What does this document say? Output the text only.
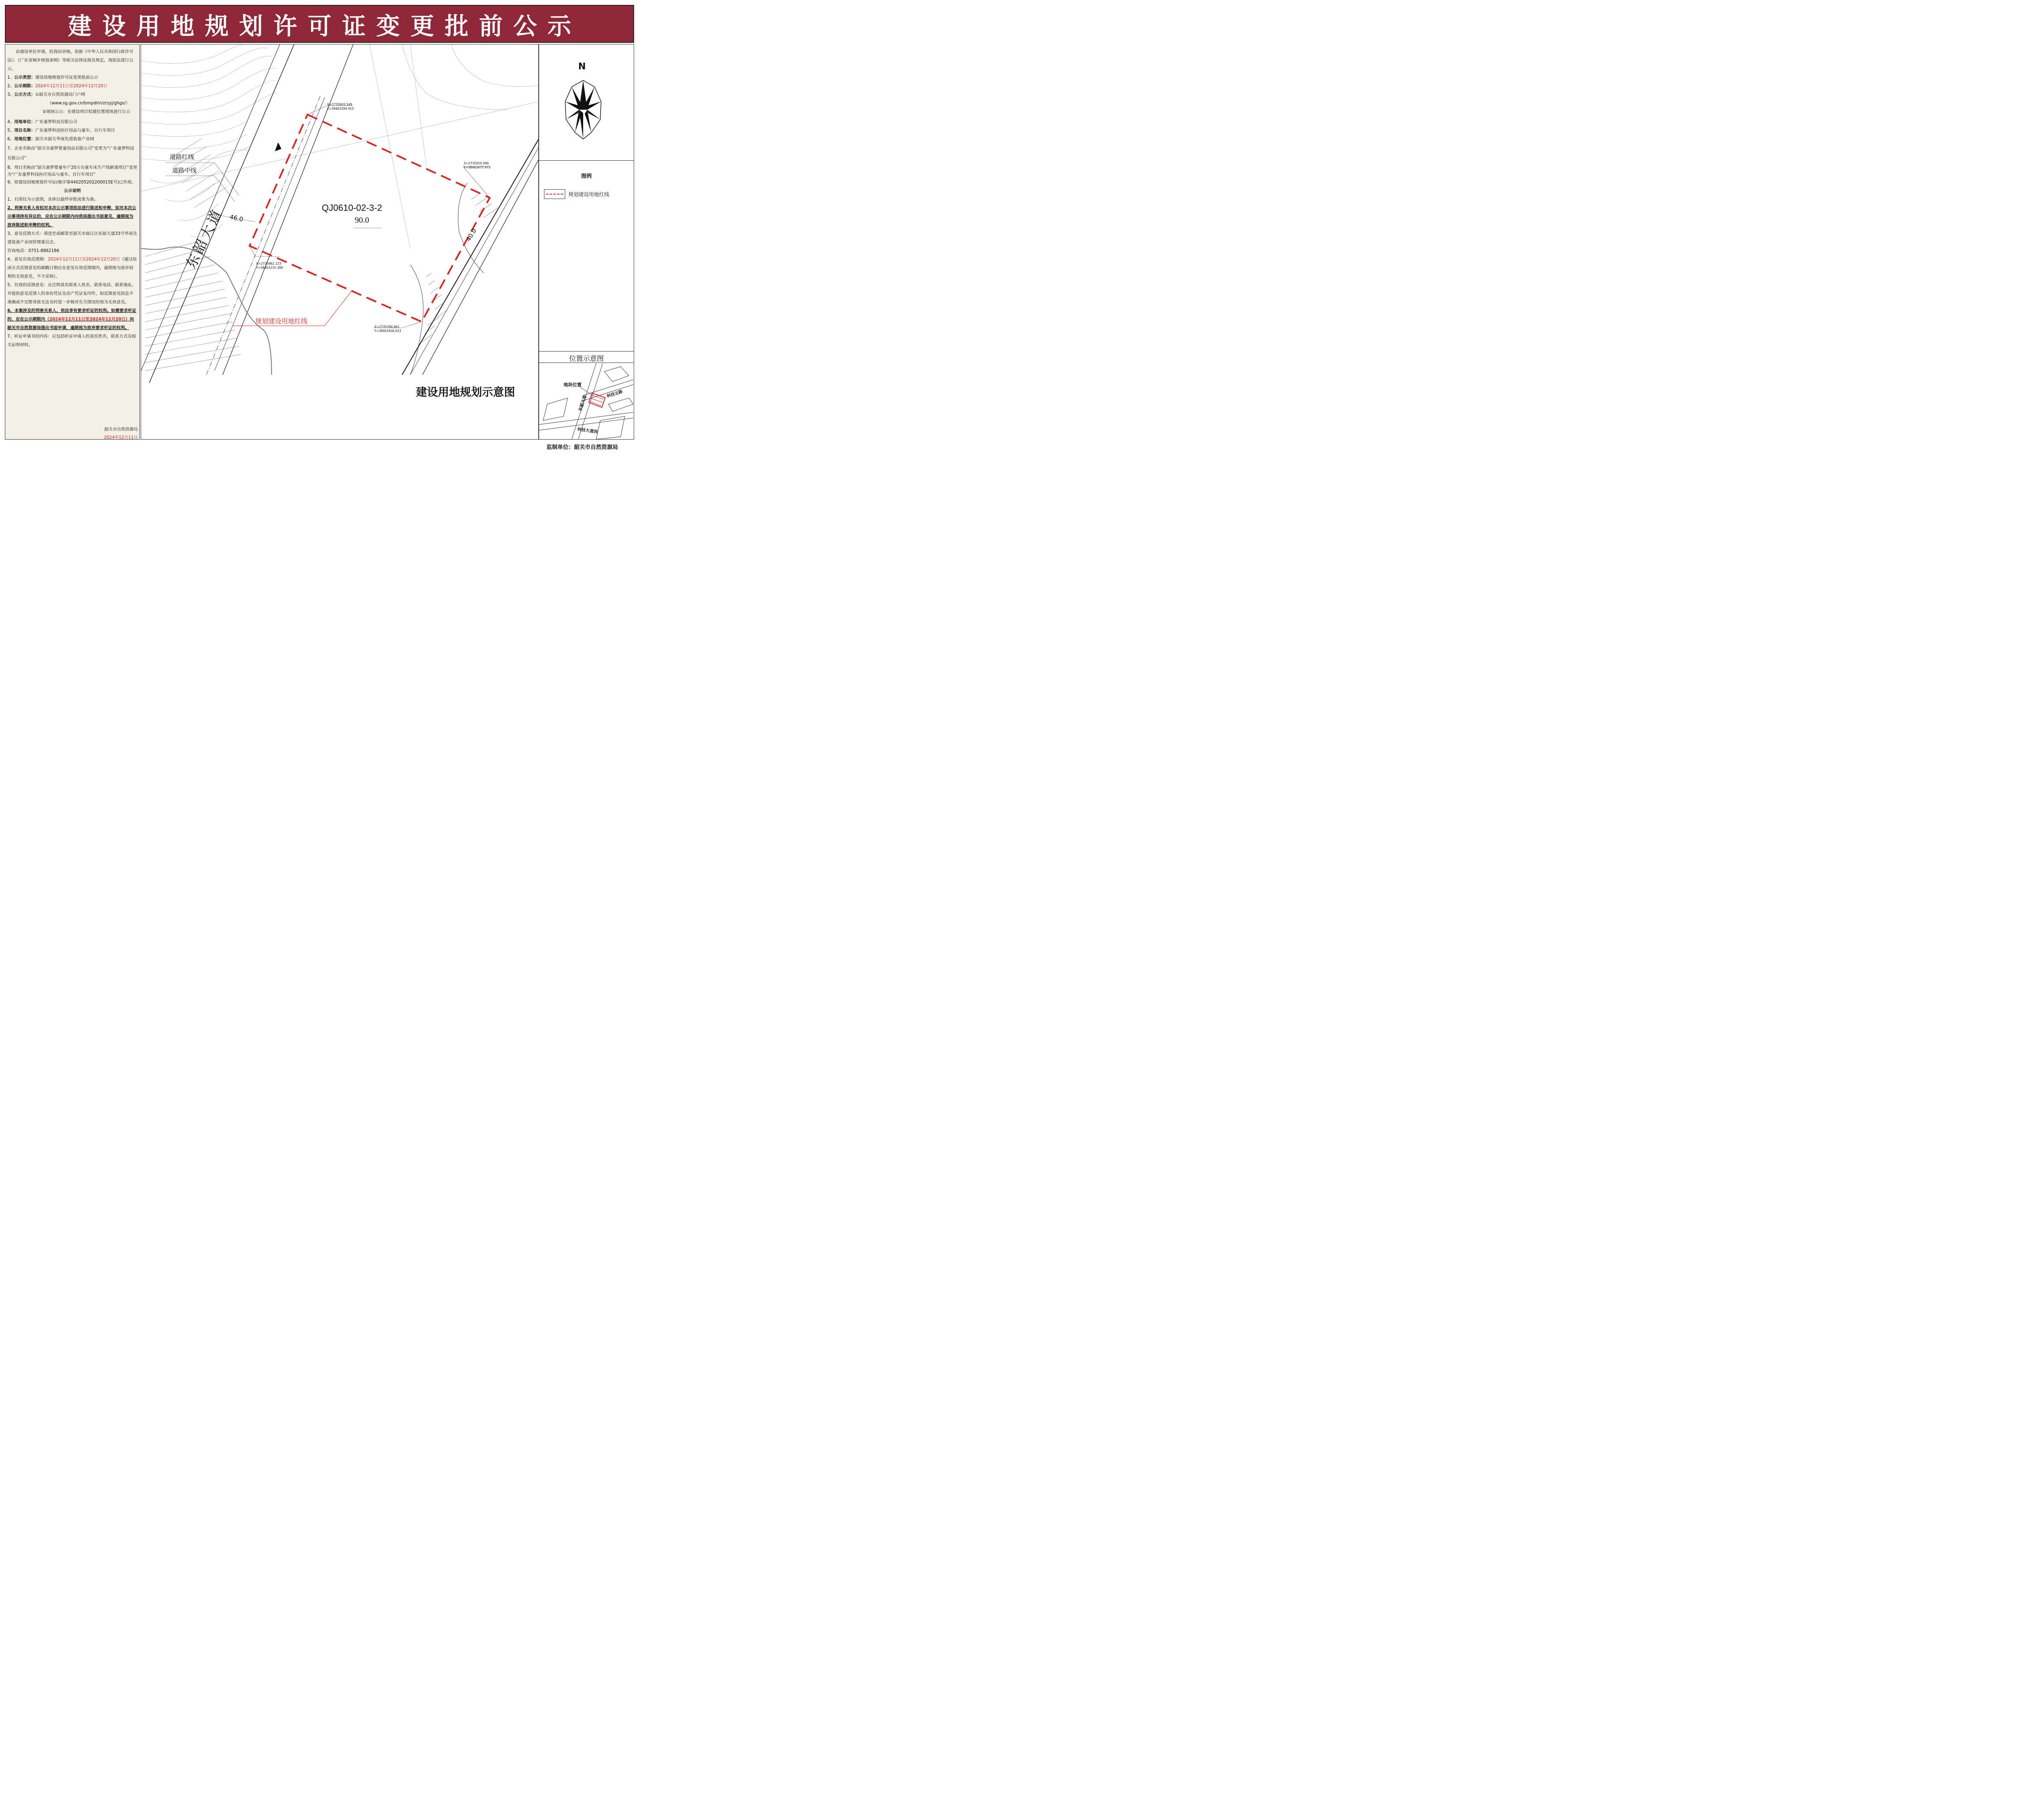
建设用地规划许可证变更批前公示

由建设单位申请，经我局审核，依据《中华人民共和国行政许可法》、《广东省城乡规划条例》等相关法律法规及规定，现依法进行公示。

1、公示类型：建设用地规划许可证变更批前公示

2、公示期限：2024年12月11日至2024年12月20日

3、公示方式：①韶关市自然资源局门户网

（www.sg.gov.cn/bmpdlm/zrzyj/ghgs/）

②现场公示：在建设项目拟建位置现场进行公示

4、用地单位：广东童梦科技有限公司

5、项目名称：广东童梦科技医疗用品与童车、自行车项目

6、用地位置：韶关市韶关华南先进装备产业园

7、企业名称由“韶关市童梦婴童用品有限公司”变更为“广东童梦科技有限公司”

8、项目名称由“韶关童梦婴童年产20万台童车床生产线新建项目”变更为“广东童梦科技医疗用品与童车、自行车项目”

9、原建设用地规划许可证(地字第440205202200015E号)已作废。

公示说明

1、右图仅为示意图，具体以最终审批成果为准。

2、利害关系人有权对本次公示事项依法进行陈述和申辩，如对本次公示事项持有异议的，应在公示期限内向我局提出书面意见，逾期视为放弃陈述和申辩的权利。

3、意见反馈方式：请送至或邮寄至韶关市曲江区东韶大道33号华南先进装备产业园管理委员会。

咨询电话：0751-8862186

4、意见有效反馈期：2024年12月11日至2024年12月20日（通过信函方式反馈意见的邮戳日期应在意见有效反馈期内，逾期视为放弃权利的无效意见，不予采纳）。

5、有效的反馈意见：应注明真实联系人姓名、联系电话、联系地址，并提供意见反馈人的身份凭证及房产凭证复印件，如反馈意见信息不准确或不完整导致无法及时进一步核对有关情况的视为无效意见。

6、本案涉及的利害关系人，依法享有要求听证的权利。如需要求听证的，应在公示期限内（2024年12月11日至2024年12月20日）向韶关市自然资源局提出书面申请，逾期视为放弃要求听证的权利。

7、听证申请书的内容：应包括听证申请人的真实姓名，联系方式及相关证明材料。

韶关市自然资源局
2024年12月11日
道路红线
道路中线
东韶大道 46.0
QJ0610-02-3-2
90.0
40.0
规划建设用地红线
X=2735993.549
Y=38463294.915
X=2735910.496
Y=38463477.973
X=2735862.223
Y=38463235.389
X=2735784.861
Y=38463406.023
建设用地规划示意图
N
图例
规划建设用地红线
位置示意图
地块位置
科技五路
东韶大道
科技大道西
监制单位：韶关市自然资源局
